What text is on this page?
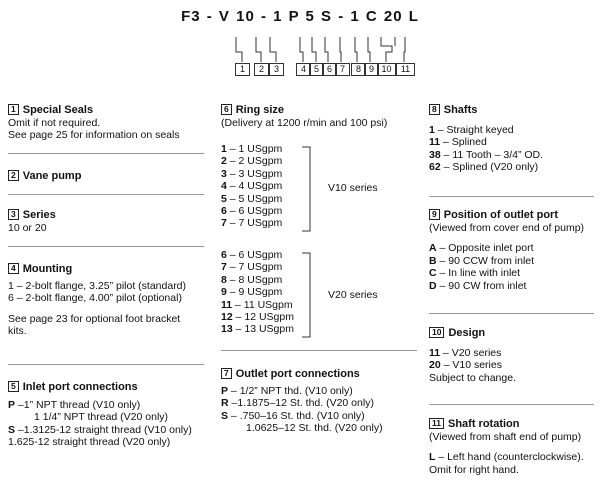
F3 - V 10 - 1 P 5 S - 1 C 20 L
1	2	3	4 5 6 7	8 9 10	11
1 Special Seals
Omit if not required.
See page 25 for information on seals
2 Vane pump
3 Series
10 or 20
4 Mounting
1 – 2-bolt flange, 3.25” pilot (standard)
6 – 2-bolt flange, 4.00” pilot (optional)
See page 23 for optional foot bracket
kits.
5 Inlet port connections
P –1” NPT thread (V10 only)
1 1/4” NPT thread (V20 only)
S –1.3125-12 straight thread (V10 only)
1.625-12 straight thread (V20 only)
6 Ring size
(Delivery at 1200 r/min and 100 psi)
1 – 1 USgpm
2 – 2 USgpm
3 – 3 USgpm
4 – 4 USgpm
5 – 5 USgpm
6 – 6 USgpm
7 – 7 USgpm
V10 series
6 – 6 USgpm
7 – 7 USgpm
8 – 8 USgpm
9 – 9 USgpm
11 – 11 USgpm
12 – 12 USgpm
13 – 13 USgpm
V20 series
7 Outlet port connections
P – 1/2” NPT thd. (V10 only)
R –1.1875–12 St. thd. (V20 only)
S – .750–16 St. thd. (V10 only)
1.0625–12 St. thd. (V20 only)
8 Shafts
1 – Straight keyed
11 – Splined
38 – 11 Tooth – 3/4” OD.
62 – Splined (V20 only)
9 Position of outlet port
(Viewed from cover end of pump)
A – Opposite inlet port
B – 90 CCW from inlet
C – In line with inlet
D – 90 CW from inlet
10 Design
11 – V20 series
20 – V10 series
Subject to change.
11 Shaft rotation
(Viewed from shaft end of pump)
L – Left hand (counterclockwise).
Omit for right hand.
